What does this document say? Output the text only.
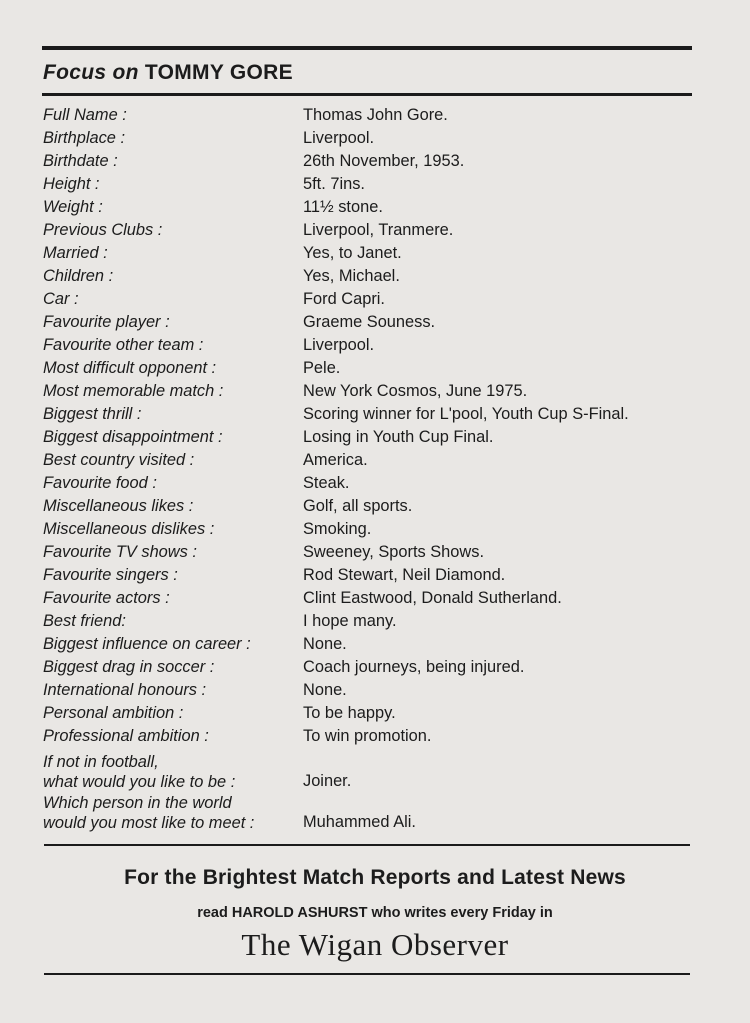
Focus on TOMMY GORE
Full Name :	Thomas John Gore.
Birthplace :	Liverpool.
Birthdate :	26th November, 1953.
Height :	5ft. 7ins.
Weight :	11½ stone.
Previous Clubs :	Liverpool, Tranmere.
Married :	Yes, to Janet.
Children :	Yes, Michael.
Car :	Ford Capri.
Favourite player :	Graeme Souness.
Favourite other team :	Liverpool.
Most difficult opponent :	Pele.
Most memorable match :	New York Cosmos, June 1975.
Biggest thrill :	Scoring winner for L'pool, Youth Cup S-Final.
Biggest disappointment :	Losing in Youth Cup Final.
Best country visited :	America.
Favourite food :	Steak.
Miscellaneous likes :	Golf, all sports.
Miscellaneous dislikes :	Smoking.
Favourite TV shows :	Sweeney, Sports Shows.
Favourite singers :	Rod Stewart, Neil Diamond.
Favourite actors :	Clint Eastwood, Donald Sutherland.
Best friend:	I hope many.
Biggest influence on career :	None.
Biggest drag in soccer :	Coach journeys, being injured.
International honours :	None.
Personal ambition :	To be happy.
Professional ambition :	To win promotion.
If not in football,
what would you like to be :	Joiner.
Which person in the world
would you most like to meet :	Muhammed Ali.
For the Brightest Match Reports and Latest News
read HAROLD ASHURST who writes every Friday in
The Wigan Observer
